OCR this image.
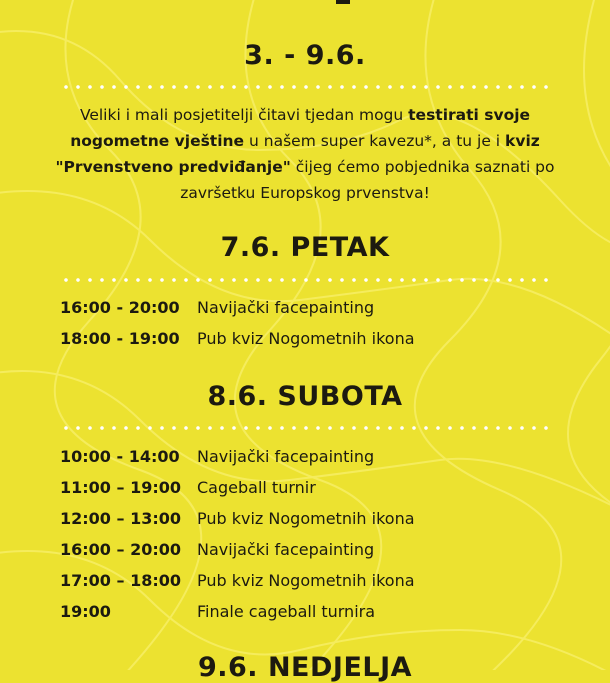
3. - 9.6.
Veliki i mali posjetitelji čitavi tjedan mogu testirati svoje nogometne vještine u našem super kavezu*, a tu je i kviz "Prvenstveno predviđanje" čijeg ćemo pobjednika saznati po završetku Europskog prvenstva!
7.6. PETAK
16:00 - 20:00 Navijački facepainting
18:00 - 19:00 Pub kviz Nogometnih ikona
8.6. SUBOTA
10:00 - 14:00 Navijački facepainting
11:00 – 19:00 Cageball turnir
12:00 – 13:00 Pub kviz Nogometnih ikona
16:00 – 20:00 Navijački facepainting
17:00 – 18:00 Pub kviz Nogometnih ikona
19:00	Finale cageball turnira
9.6. NEDJELJA
